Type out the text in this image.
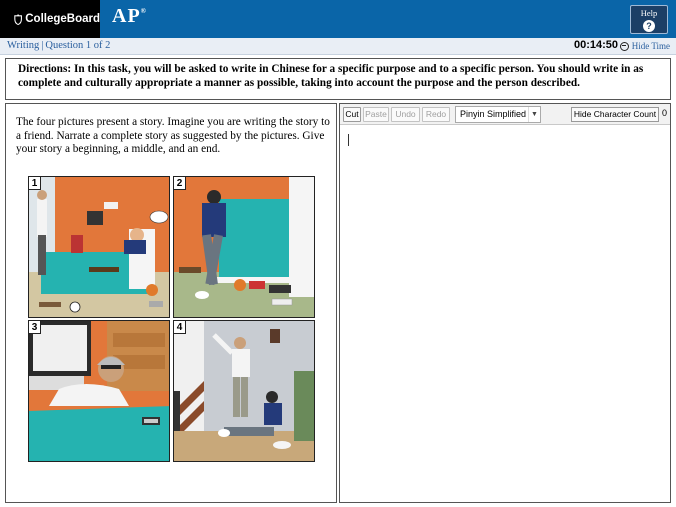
CollegeBoard AP®	Help
?
Writing | Question 1 of 2	00:14:50 Hide Time
Directions: In this task, you will be asked to write in Chinese for a specific purpose and to a specific person. You should write in as complete and culturally appropriate a manner as possible, taking into account the purpose and the person described.
The four pictures present a story. Imagine you are writing the story to a friend. Narrate a complete story as suggested by the pictures. Give your story a beginning, a middle, and an end.
1	2
3	4
Cut Paste Undo	Redo	Pinyin Simplified ▼	Hide Character Count 0
